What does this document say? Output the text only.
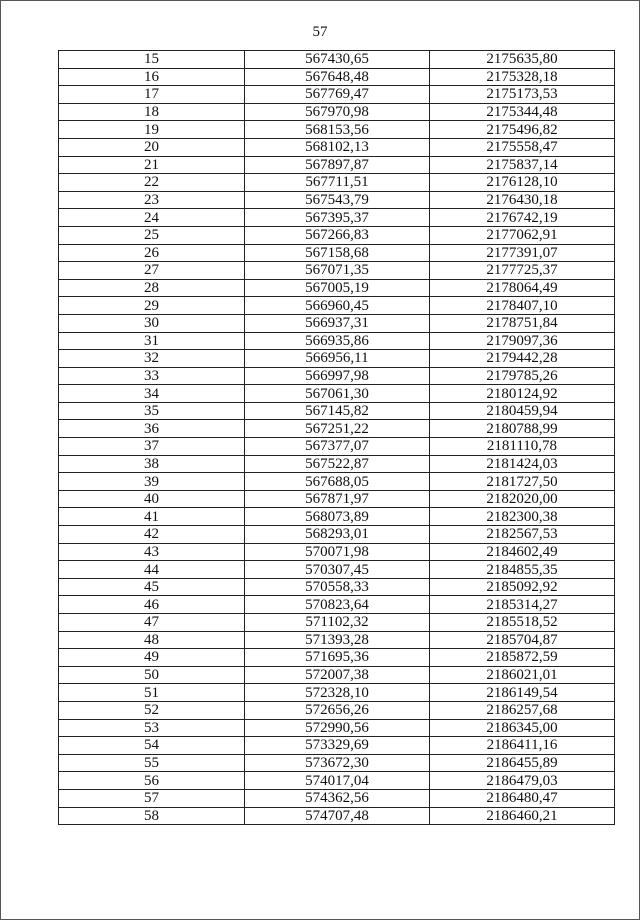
57
15	567430,65	2175635,80
16	567648,48	2175328,18
17	567769,47	2175173,53
18	567970,98	2175344,48
19	568153,56	2175496,82
20	568102,13	2175558,47
21	567897,87	2175837,14
22	567711,51	2176128,10
23	567543,79	2176430,18
24	567395,37	2176742,19
25	567266,83	2177062,91
26	567158,68	2177391,07
27	567071,35	2177725,37
28	567005,19	2178064,49
29	566960,45	2178407,10
30	566937,31	2178751,84
31	566935,86	2179097,36
32	566956,11	2179442,28
33	566997,98	2179785,26
34	567061,30	2180124,92
35	567145,82	2180459,94
36	567251,22	2180788,99
37	567377,07	2181110,78
38	567522,87	2181424,03
39	567688,05	2181727,50
40	567871,97	2182020,00
41	568073,89	2182300,38
42	568293,01	2182567,53
43	570071,98	2184602,49
44	570307,45	2184855,35
45	570558,33	2185092,92
46	570823,64	2185314,27
47	571102,32	2185518,52
48	571393,28	2185704,87
49	571695,36	2185872,59
50	572007,38	2186021,01
51	572328,10	2186149,54
52	572656,26	2186257,68
53	572990,56	2186345,00
54	573329,69	2186411,16
55	573672,30	2186455,89
56	574017,04	2186479,03
57	574362,56	2186480,47
58	574707,48	2186460,21
